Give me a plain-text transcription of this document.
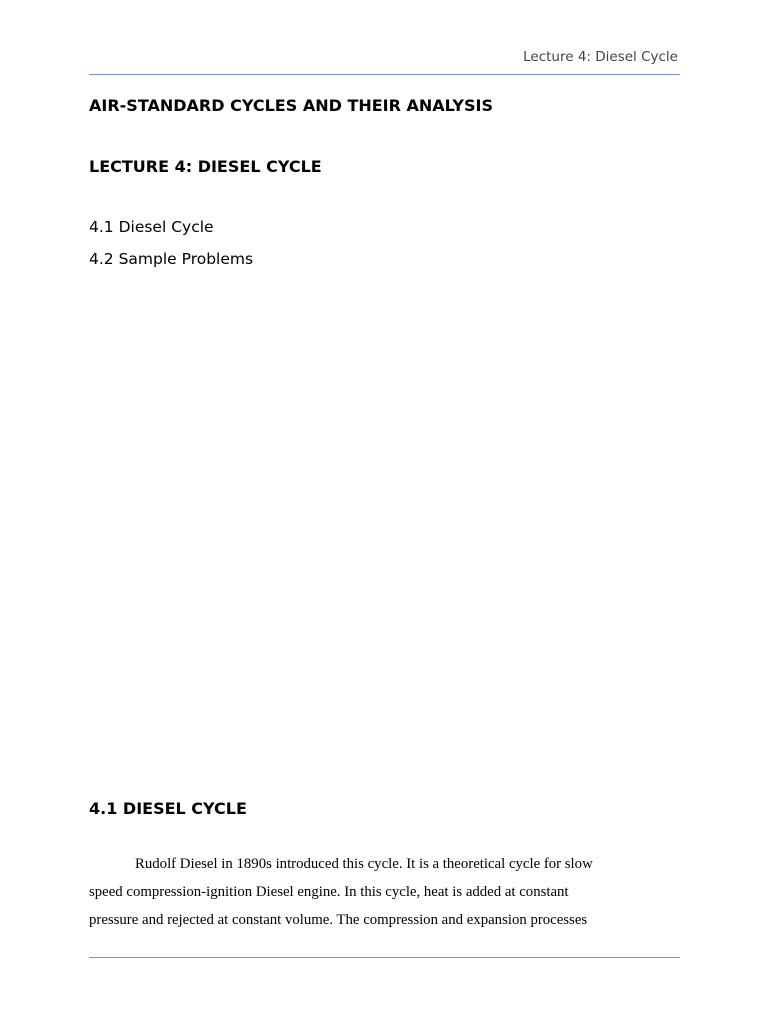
Lecture 4: Diesel Cycle
AIR-STANDARD CYCLES AND THEIR ANALYSIS
LECTURE 4: DIESEL CYCLE
4.1 Diesel Cycle
4.2 Sample Problems
4.1 DIESEL CYCLE
Rudolf Diesel in 1890s introduced this cycle. It is a theoretical cycle for slow
speed compression-ignition Diesel engine. In this cycle, heat is added at constant
pressure and rejected at constant volume. The compression and expansion processes
